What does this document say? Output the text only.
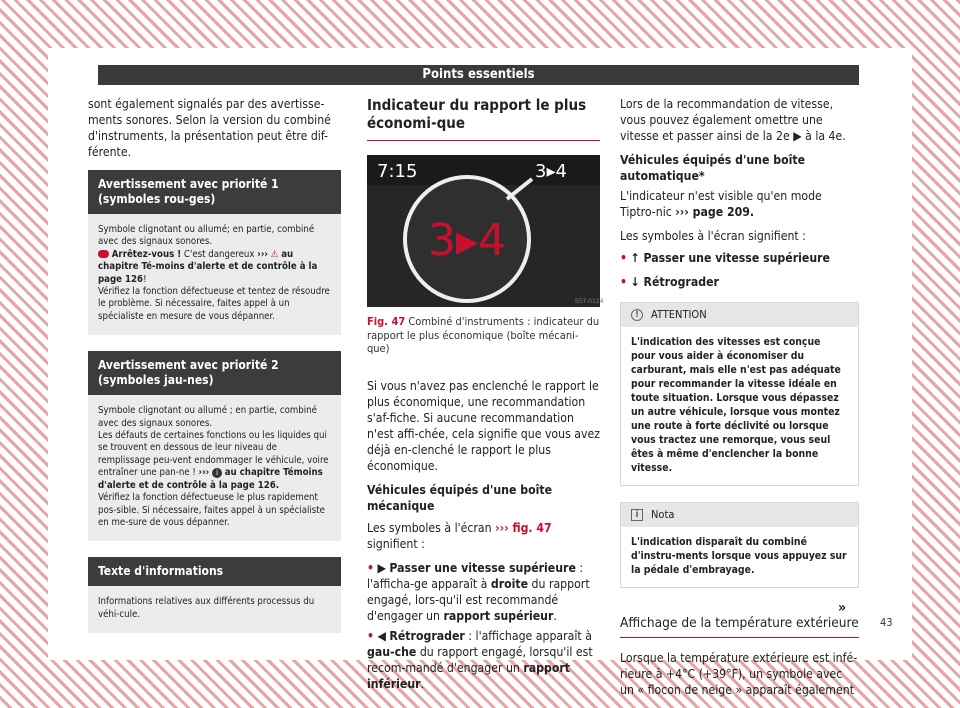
Points essentiels

sont également signalés par des avertisse-ments sonores. Selon la version du combiné d'instruments, la présentation peut être dif-férente.

Avertissement avec priorité 1 (symboles rou-ges)
Symbole clignotant ou allumé; en partie, combiné avec des signaux sonores.
Arrêtez-vous ! C'est dangereux ››› ⚠ au chapitre Té-moins d'alerte et de contrôle à la page 126!
Vérifiez la fonction défectueuse et tentez de résoudre le problème. Si nécessaire, faites appel à un spécialiste en mesure de vous dépanner.
Avertissement avec priorité 2 (symboles jau-nes)
Symbole clignotant ou allumé ; en partie, combiné avec des signaux sonores.
Les défauts de certaines fonctions ou les liquides qui se trouvent en dessous de leur niveau de remplissage peu-vent endommager le véhicule, voire entraîner une pan-ne ! ››› i au chapitre Témoins d'alerte et de contrôle à la page 126.
Vérifiez la fonction défectueuse le plus rapidement pos-sible. Si nécessaire, faites appel à un spécialiste en me-sure de vous dépanner.
Texte d'informations
Informations relatives aux différents processus du véhi-cule.
Indicateur du rapport le plus économi-que
7:15	3▸4
3▸4
B5T-0124
Fig. 47 Combiné d'instruments : indicateur du rapport le plus économique (boîte mécani-que)

Si vous n'avez pas enclenché le rapport le plus économique, une recommandation s'af-fiche. Si aucune recommandation n'est affi-chée, cela signifie que vous avez déjà en-clenché le rapport le plus économique.

Véhicules équipés d'une boîte mécanique

Les symboles à l'écran ››› fig. 47 signifient :

• ▶ Passer une vitesse supérieure : l'afficha-ge apparaît à droite du rapport engagé, lors-qu'il est recommandé d'engager un rapport supérieur.
• ◀ Rétrograder : l'affichage apparaît à gau-che du rapport engagé, lorsqu'il est recom-mandé d'engager un rapport inférieur.

Lors de la recommandation de vitesse, vous pouvez également omettre une vitesse et passer ainsi de la 2e ▶ à la 4e.

Véhicules équipés d'une boîte automatique*

L'indicateur n'est visible qu'en mode Tiptro-nic ››› page 209.

Les symboles à l'écran signifient :

• ↑ Passer une vitesse supérieure
• ↓ Rétrograder
!	ATTENTION
L'indication des vitesses est conçue pour vous aider à économiser du carburant, mais elle n'est pas adéquate pour recommander la vitesse idéale en toute situation. Lorsque vous dépassez un autre véhicule, lorsque vous montez une route à forte déclivité ou lorsque vous tractez une remorque, vous seul êtes à même d'enclencher la bonne vitesse.
i	Nota
L'indication disparaît du combiné d'instru-ments lorsque vous appuyez sur la pédale d'embrayage.
Affichage de la température extérieure

Lorsque la température extérieure est infé-rieure à +4°C (+39°F), un symbole avec un « flocon de neige » apparaît également

»
43
